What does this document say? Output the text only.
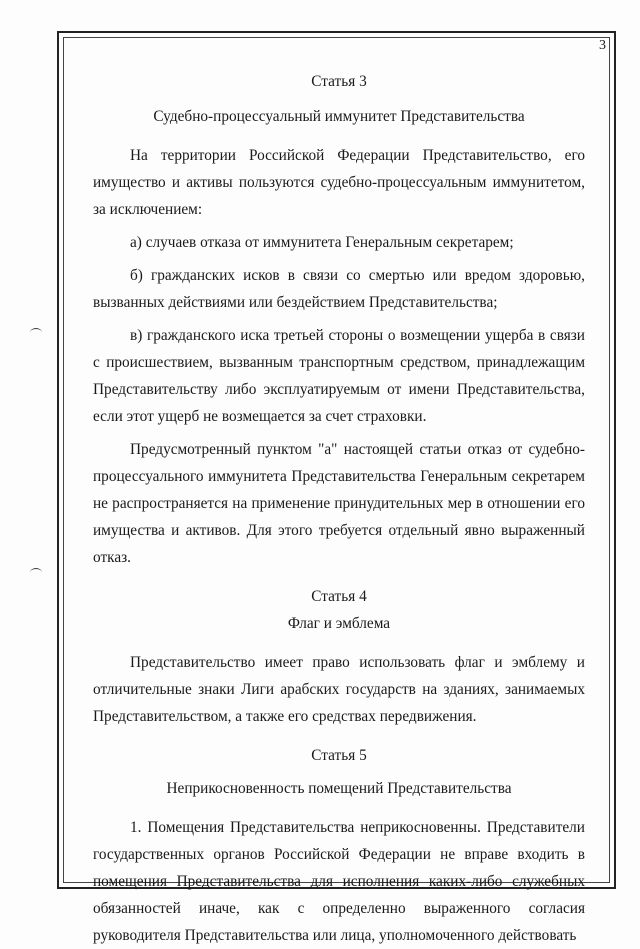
3

Статья 3

Судебно-процессуальный иммунитет Представительства

На территории Российской Федерации Представительство, его имущество и активы пользуются судебно-процессуальным иммунитетом, за исключением:

а) случаев отказа от иммунитета Генеральным секретарем;

б) гражданских исков в связи со смертью или вредом здоровью, вызванных действиями или бездействием Представительства;

в) гражданского иска третьей стороны о возмещении ущерба в связи с происшествием, вызванным транспортным средством, принадлежащим Представительству либо эксплуатируемым от имени Представительства, если этот ущерб не возмещается за счет страховки.

Предусмотренный пунктом "а" настоящей статьи отказ от судебно-процессуального иммунитета Представительства Генеральным секретарем не распространяется на применение принудительных мер в отношении его имущества и активов. Для этого требуется отдельный явно выраженный отказ.

Статья 4

Флаг и эмблема

Представительство имеет право использовать флаг и эмблему и отличительные знаки Лиги арабских государств на зданиях, занимаемых Представительством, а также его средствах передвижения.

Статья 5

Неприкосновенность помещений Представительства

1. Помещения Представительства неприкосновенны. Представители государственных органов Российской Федерации не вправе входить в помещения Представительства для исполнения каких-либо служебных обязанностей иначе, как с определенно выраженного согласия руководителя Представительства или лица, уполномоченного действовать
